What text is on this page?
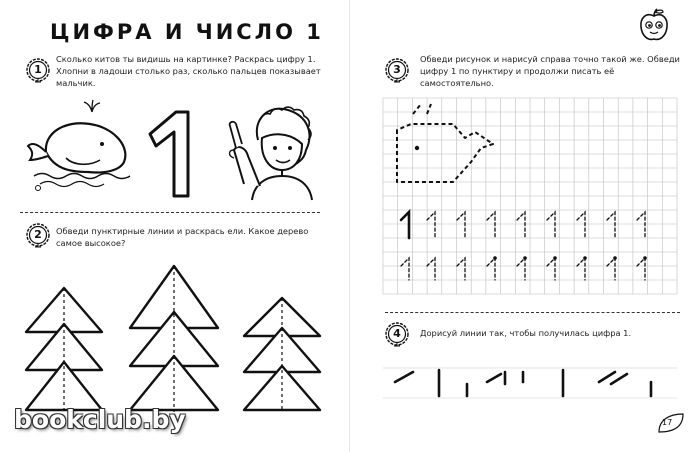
ЦИФРА И ЧИСЛО 1
1
Сколько китов ты видишь на картинке? Раскрась цифру 1. Хлопни в ладоши столько раз, сколько пальцев показывает мальчик.
2	Обведи пунктирные линии и раскрась ели. Какое дерево самое высокое?
3
Обведи рисунок и нарисуй справа точно такой же. Обведи цифру 1 по пунктиру и продолжи писать её самостоятельно.
4	Дорисуй линии так, чтобы получилась цифра 1.
bookclub.by	17
